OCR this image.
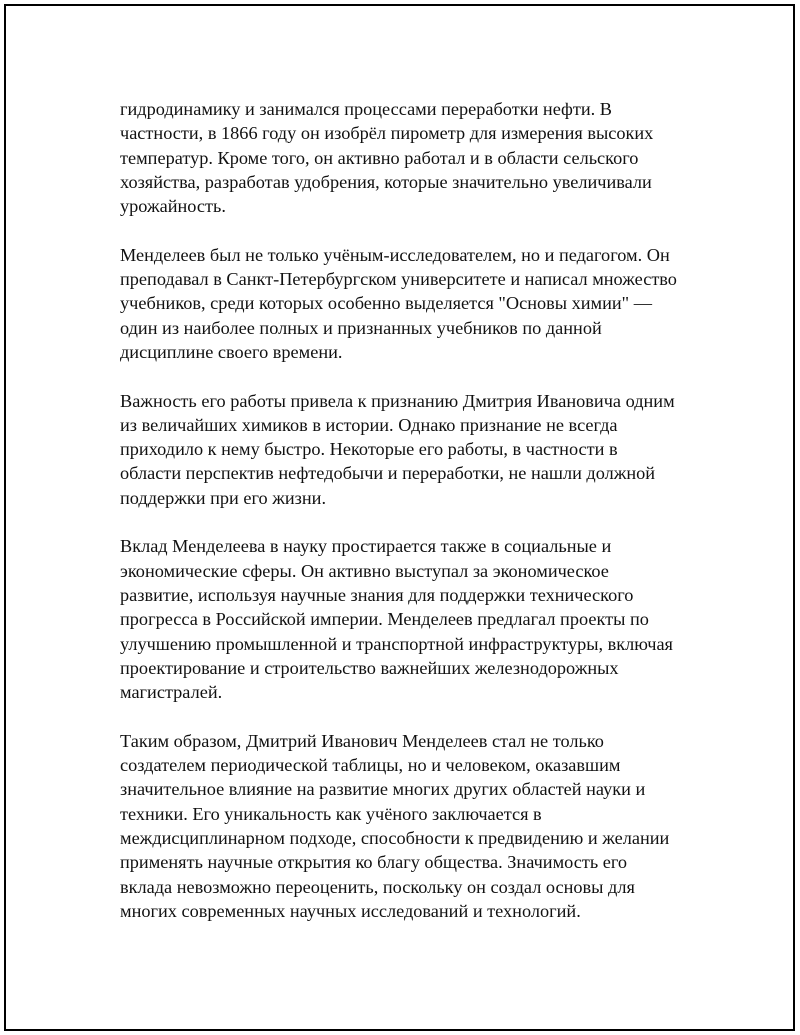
гидродинамику и занимался процессами переработки нефти. В
частности, в 1866 году он изобрёл пирометр для измерения высоких
температур. Кроме того, он активно работал и в области сельского
хозяйства, разработав удобрения, которые значительно увеличивали
урожайность.

Менделеев был не только учёным-исследователем, но и педагогом. Он
преподавал в Санкт-Петербургском университете и написал множество
учебников, среди которых особенно выделяется "Основы химии" —
один из наиболее полных и признанных учебников по данной
дисциплине своего времени.

Важность его работы привела к признанию Дмитрия Ивановича одним
из величайших химиков в истории. Однако признание не всегда
приходило к нему быстро. Некоторые его работы, в частности в
области перспектив нефтедобычи и переработки, не нашли должной
поддержки при его жизни.

Вклад Менделеева в науку простирается также в социальные и
экономические сферы. Он активно выступал за экономическое
развитие, используя научные знания для поддержки технического
прогресса в Российской империи. Менделеев предлагал проекты по
улучшению промышленной и транспортной инфраструктуры, включая
проектирование и строительство важнейших железнодорожных
магистралей.

Таким образом, Дмитрий Иванович Менделеев стал не только
создателем периодической таблицы, но и человеком, оказавшим
значительное влияние на развитие многих других областей науки и
техники. Его уникальность как учёного заключается в
междисциплинарном подходе, способности к предвидению и желании
применять научные открытия ко благу общества. Значимость его
вклада невозможно переоценить, поскольку он создал основы для
многих современных научных исследований и технологий.
